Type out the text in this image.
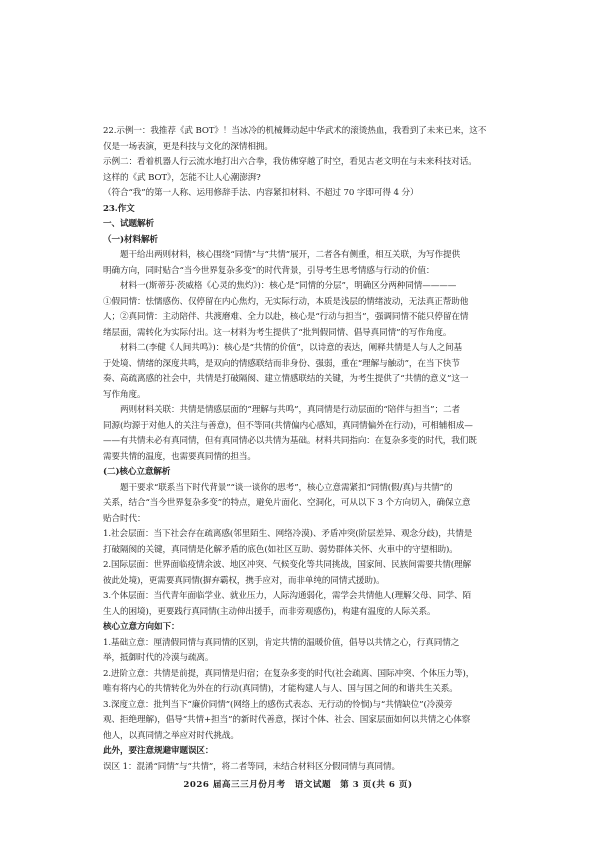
22.示例一：我推荐《武 BOT》！当冰冷的机械舞动起中华武术的滚烫热血，我看到了未来已来，这不
仅是一场表演，更是科技与文化的深情相拥。
示例二：看着机器人行云流水地打出六合拳，我仿佛穿越了时空，看见古老文明在与未来科技对话。
这样的《武 BOT》，怎能不让人心潮澎湃?
（符合“我”的第一人称、运用修辞手法、内容紧扣材料、不超过 70 字即可得 4 分）
23.作文
一、试题解析
（一)材料解析
题干给出两则材料，核心围绕“同情”与“共情”展开，二者各有侧重，相互关联，为写作提供
明确方向，同时贴合“当今世界复杂多变”的时代背景，引导考生思考情感与行动的价值：
材料一(斯蒂芬·茨威格《心灵的焦灼》)：核心是“同情的分层”，明确区分两种同情————
①假同情：怯懦感伤、仅停留在内心焦灼，无实际行动，本质是浅层的情绪波动，无法真正帮助他
人；②真同情：主动陪伴、共渡磨难、全力以赴，核心是“行动与担当”，强调同情不能只停留在情
绪层面，需转化为实际付出。这一材料为考生提供了“批判假同情、倡导真同情”的写作角度。
材料二(李健《人间共鸣》)：核心是“共情的价值”，以诗意的表达，阐释共情是人与人之间基
于处境、情绪的深度共鸣，是双向的情感联结而非身份、强弱，重在“理解与触动”，在当下快节
奏、高疏离感的社会中，共情是打破隔阂、建立情感联结的关键，为考生提供了“共情的意义”这一
写作角度。
两则材料关联：共情是情感层面的“理解与共鸣”，真同情是行动层面的“陪伴与担当”；二者
同源(均源于对他人的关注与善意)，但不等同(共情偏内心感知，真同情偏外在行动)，可相辅相成—
——有共情未必有真同情，但有真同情必以共情为基础。材料共同指向：在复杂多变的时代，我们既
需要共情的温度，也需要真同情的担当。
(二)核心立意解析
题干要求“联系当下时代背景”“谈一谈你的思考”，核心立意需紧扣“同情(假/真)与共情”的
关系，结合“当今世界复杂多变”的特点，避免片面化、空洞化，可从以下 3 个方向切入，确保立意
贴合时代：
1.社会层面：当下社会存在疏离感(邻里陌生、网络冷漠)、矛盾冲突(阶层差异、观念分歧)，共情是
打破隔阂的关键，真同情是化解矛盾的底色(如社区互助、弱势群体关怀、火車中的守望相助)。
2.国际层面：世界面临疫情余波、地区冲突、气候变化等共同挑战，国家间、民族间需要共情(理解
彼此处境)，更需要真同情(摒弃霸权，携手应对，而非单纯的同情式援助)。
3.个体层面：当代青年面临学业、就业压力，人际沟通弱化，需学会共情他人(理解父母、同学、陌
生人的困境)，更要践行真同情(主动伸出援手，而非旁观感伤)，构建有温度的人际关系。
核心立意方向如下：
1.基础立意：厘清假同情与真同情的区别，肯定共情的温暖价值，倡导以共情之心，行真同情之
举，抵御时代的冷漠与疏离。
2.进阶立意：共情是前提，真同情是归宿；在复杂多变的时代(社会疏离、国际冲突、个体压力等)，
唯有将内心的共情转化为外在的行动(真同情)，才能构建人与人、国与国之间的和谐共生关系。
3.深度立意：批判当下“廉价同情”(网络上的感伤式表态、无行动的怜悯)与“共情缺位”(冷漠旁
观、拒绝理解)，倡导“共情+担当”的新时代善意，探讨个体、社会、国家层面如何以共情之心体察
他人，以真同情之举应对时代挑战。
此外，要注意规避审题误区：
误区 1：混淆“同情”与“共情”，将二者等同，未结合材料区分假同情与真同情。
2026 届高三三月份月考　语文试题　第 3 页(共 6 页)
